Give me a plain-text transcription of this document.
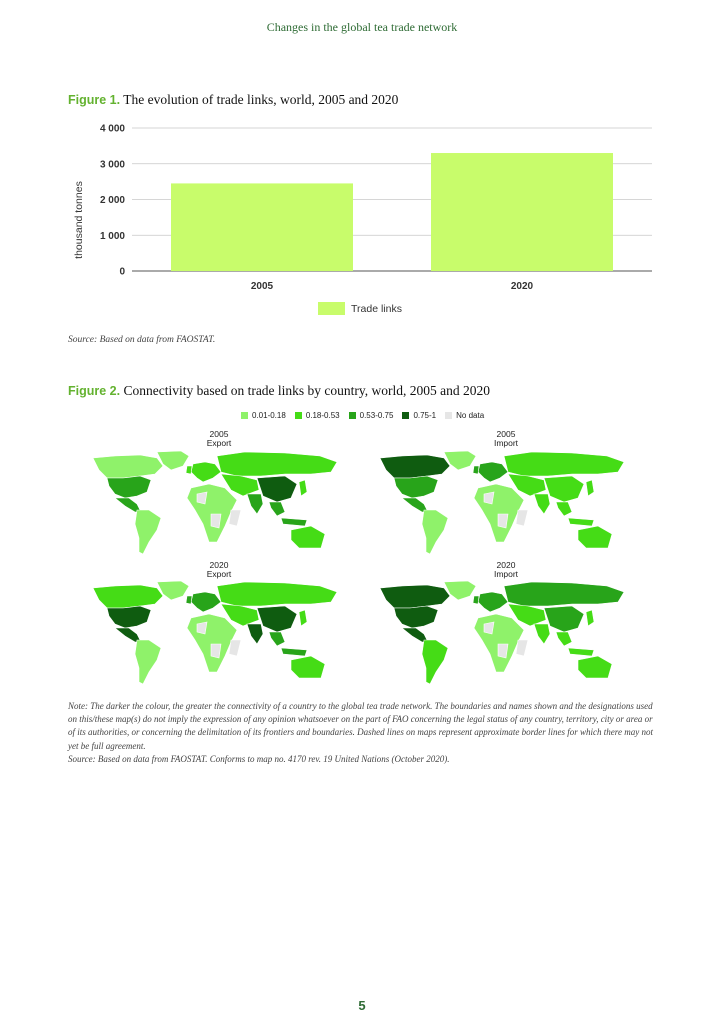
Changes in the global tea trade network
Figure 1. The evolution of trade links, world, 2005 and 2020
0
1 000
2 000
3 000
4 000
2005	2020
thousand tonnes
Trade links
Source: Based on data from FAOSTAT.
Figure 2. Connectivity based on trade links by country, world, 2005 and 2020
0.01-0.18	0.18-0.53	0.53-0.75	0.75-1	No data
2005
Export
2005
Import
2020
Export
2020
Import
Note: The darker the colour, the greater the connectivity of a country to the global tea trade network. The boundaries and names shown and the designations used on this/these map(s) do not imply the expression of any opinion whatsoever on the part of FAO concerning the legal status of any country, territory, city or area or of its authorities, or concerning the delimitation of its frontiers and boundaries. Dashed lines on maps represent approximate border lines for which there may not yet be full agreement.
Source: Based on data from FAOSTAT. Conforms to map no. 4170 rev. 19 United Nations (October 2020).
5
